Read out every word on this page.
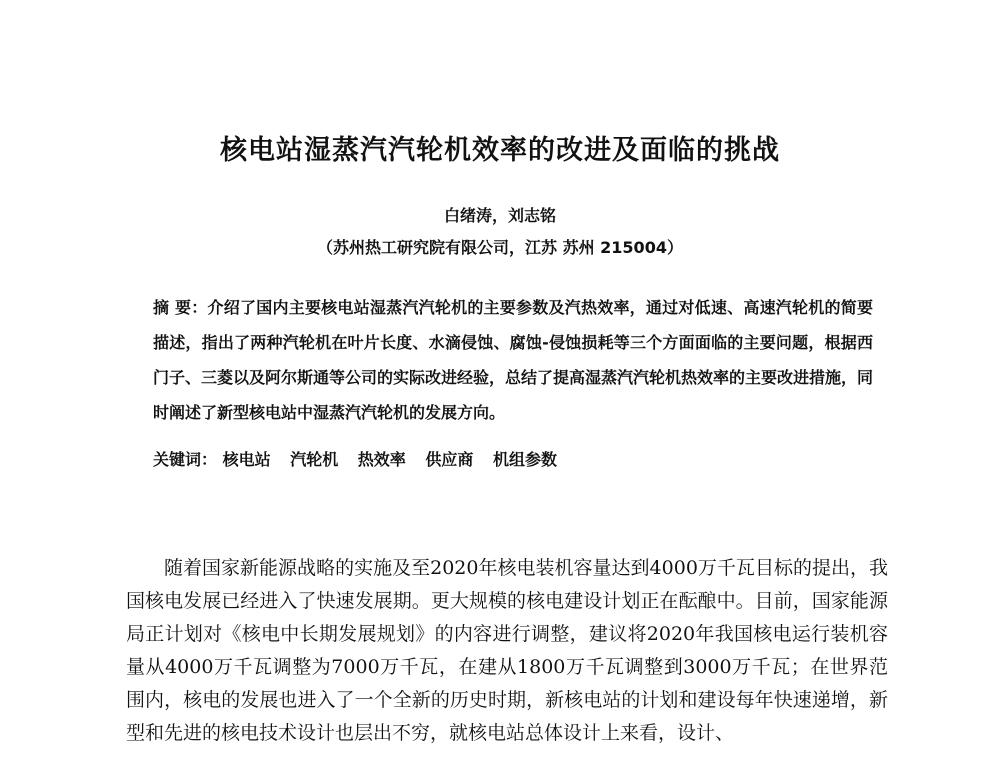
核电站湿蒸汽汽轮机效率的改进及面临的挑战
白绪涛，刘志铭
（苏州热工研究院有限公司，江苏 苏州 215004）
摘 要：介绍了国内主要核电站湿蒸汽汽轮机的主要参数及汽热效率，通过对低速、高速汽轮机的简要描述，指出了两种汽轮机在叶片长度、水滴侵蚀、腐蚀-侵蚀损耗等三个方面面临的主要问题，根据西门子、三菱以及阿尔斯通等公司的实际改进经验，总结了提高湿蒸汽汽轮机热效率的主要改进措施，同时阐述了新型核电站中湿蒸汽汽轮机的发展方向。
关键词： 核电站 汽轮机 热效率 供应商 机组参数
随着国家新能源战略的实施及至2020年核电装机容量达到4000万千瓦目标的提出，我国核电发展已经进入了快速发展期。更大规模的核电建设计划正在酝酿中。目前，国家能源局正计划对《核电中长期发展规划》的内容进行调整，建议将2020年我国核电运行装机容量从4000万千瓦调整为7000万千瓦，在建从1800万千瓦调整到3000万千瓦；在世界范围内，核电的发展也进入了一个全新的历史时期，新核电站的计划和建设每年快速递增，新型和先进的核电技术设计也层出不穷，就核电站总体设计上来看，设计、
